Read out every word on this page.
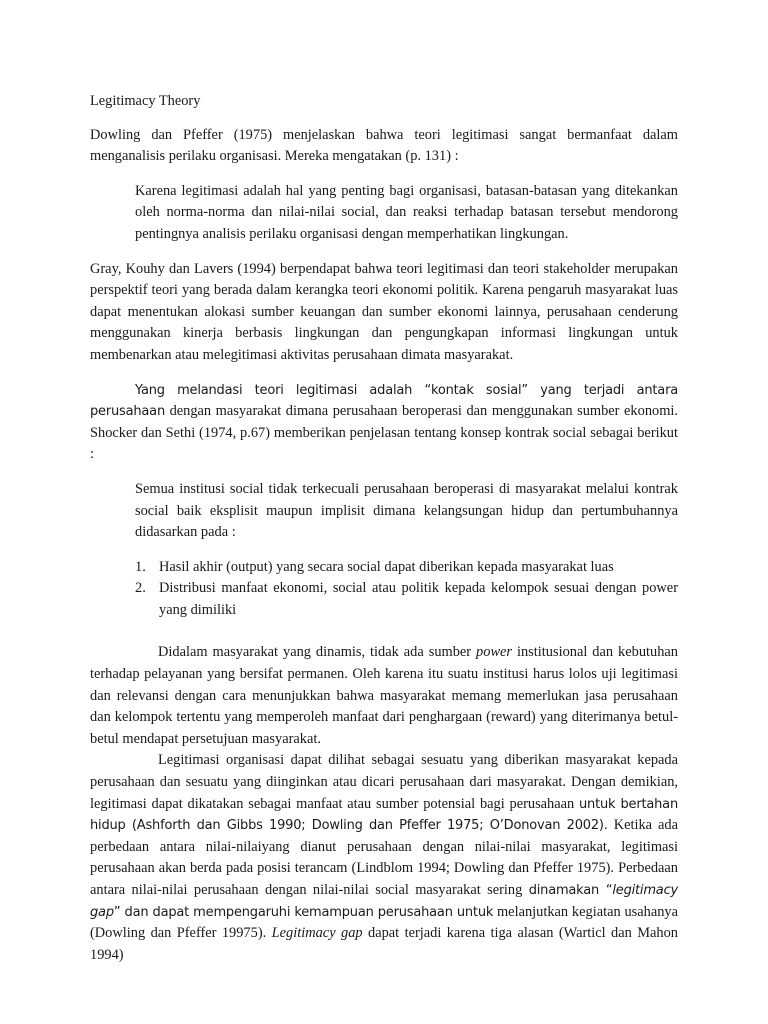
Legitimacy Theory

Dowling dan Pfeffer (1975) menjelaskan bahwa teori legitimasi sangat bermanfaat dalam menganalisis perilaku organisasi. Mereka mengatakan (p. 131) :

Karena legitimasi adalah hal yang penting bagi organisasi, batasan-batasan yang ditekankan oleh norma-norma dan nilai-nilai social, dan reaksi terhadap batasan tersebut mendorong pentingnya analisis perilaku organisasi dengan memperhatikan lingkungan.

Gray, Kouhy dan Lavers (1994) berpendapat bahwa teori legitimasi dan teori stakeholder merupakan perspektif teori yang berada dalam kerangka teori ekonomi politik. Karena pengaruh masyarakat luas dapat menentukan alokasi sumber keuangan dan sumber ekonomi lainnya, perusahaan cenderung menggunakan kinerja berbasis lingkungan dan pengungkapan informasi lingkungan untuk membenarkan atau melegitimasi aktivitas perusahaan dimata masyarakat.

Yang melandasi teori legitimasi adalah “kontak sosial” yang terjadi antara perusahaan dengan masyarakat dimana perusahaan beroperasi dan menggunakan sumber ekonomi. Shocker dan Sethi (1974, p.67) memberikan penjelasan tentang konsep kontrak social sebagai berikut :

Semua institusi social tidak terkecuali perusahaan beroperasi di masyarakat melalui kontrak social baik eksplisit maupun implisit dimana kelangsungan hidup dan pertumbuhannya didasarkan pada :

1. Hasil akhir (output) yang secara social dapat diberikan kepada masyarakat luas
2. Distribusi manfaat ekonomi, social atau politik kepada kelompok sesuai dengan power yang dimiliki

Didalam masyarakat yang dinamis, tidak ada sumber power institusional dan kebutuhan terhadap pelayanan yang bersifat permanen. Oleh karena itu suatu institusi harus lolos uji legitimasi dan relevansi dengan cara menunjukkan bahwa masyarakat memang memerlukan jasa perusahaan dan kelompok tertentu yang memperoleh manfaat dari penghargaan (reward) yang diterimanya betul-betul mendapat persetujuan masyarakat.

Legitimasi organisasi dapat dilihat sebagai sesuatu yang diberikan masyarakat kepada perusahaan dan sesuatu yang diinginkan atau dicari perusahaan dari masyarakat. Dengan demikian, legitimasi dapat dikatakan sebagai manfaat atau sumber potensial bagi perusahaan untuk bertahan hidup (Ashforth dan Gibbs 1990; Dowling dan Pfeffer 1975; O’Donovan 2002). Ketika ada perbedaan antara nilai-nilaiyang dianut perusahaan dengan nilai-nilai masyarakat, legitimasi perusahaan akan berda pada posisi terancam (Lindblom 1994; Dowling dan Pfeffer 1975). Perbedaan antara nilai-nilai perusahaan dengan nilai-nilai social masyarakat sering dinamakan “legitimacy gap” dan dapat mempengaruhi kemampuan perusahaan untuk melanjutkan kegiatan usahanya (Dowling dan Pfeffer 19975). Legitimacy gap dapat terjadi karena tiga alasan (Warticl dan Mahon 1994)
